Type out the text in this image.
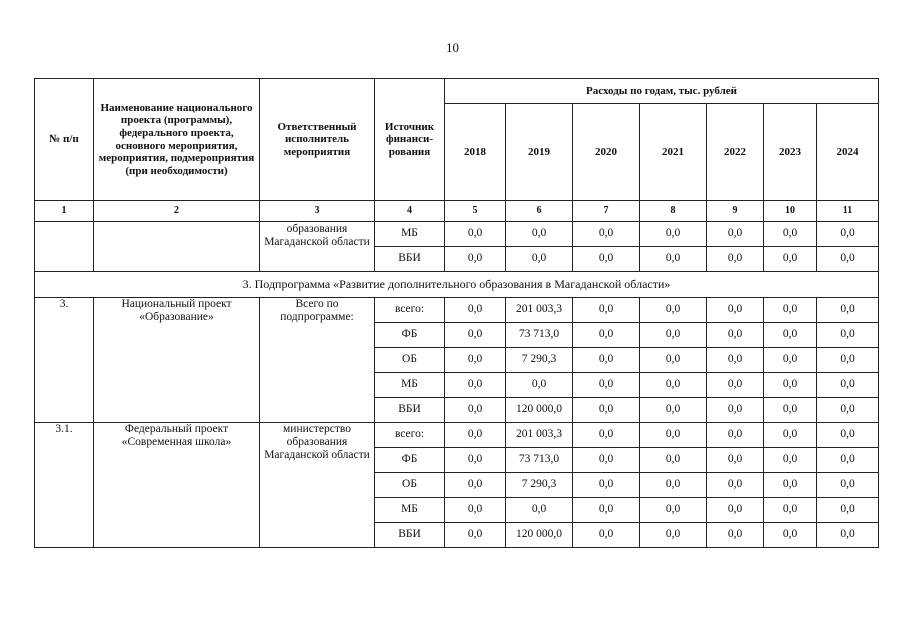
10
№ п/п	Наименование национального проекта (программы), федерального проекта, основного мероприятия, мероприятия, подмероприятия (при необходимости)	Ответственный исполнитель мероприятия	Источник финанси-рования	Расходы по годам, тыс. рублей						
				2018	2019	2020	2021	2022	2023	2024
1	2	3	4	5	6	7	8	9	10	11
		образования Магаданской области	МБ	0,0	0,0	0,0	0,0	0,0	0,0	0,0
			ВБИ	0,0	0,0	0,0	0,0	0,0	0,0	0,0
3. Подпрограмма «Развитие дополнительного образования в Магаданской области»										
3.	Национальный проект «Образование»	Всего по подпрограмме:	всего:	0,0	201 003,3	0,0	0,0	0,0	0,0	0,0
			ФБ	0,0	73 713,0	0,0	0,0	0,0	0,0	0,0
			ОБ	0,0	7 290,3	0,0	0,0	0,0	0,0	0,0
			МБ	0,0	0,0	0,0	0,0	0,0	0,0	0,0
			ВБИ	0,0	120 000,0	0,0	0,0	0,0	0,0	0,0
3.1.	Федеральный проект «Современная школа»	министерство образования Магаданской области	всего:	0,0	201 003,3	0,0	0,0	0,0	0,0	0,0
			ФБ	0,0	73 713,0	0,0	0,0	0,0	0,0	0,0
			ОБ	0,0	7 290,3	0,0	0,0	0,0	0,0	0,0
			МБ	0,0	0,0	0,0	0,0	0,0	0,0	0,0
			ВБИ	0,0	120 000,0	0,0	0,0	0,0	0,0	0,0
